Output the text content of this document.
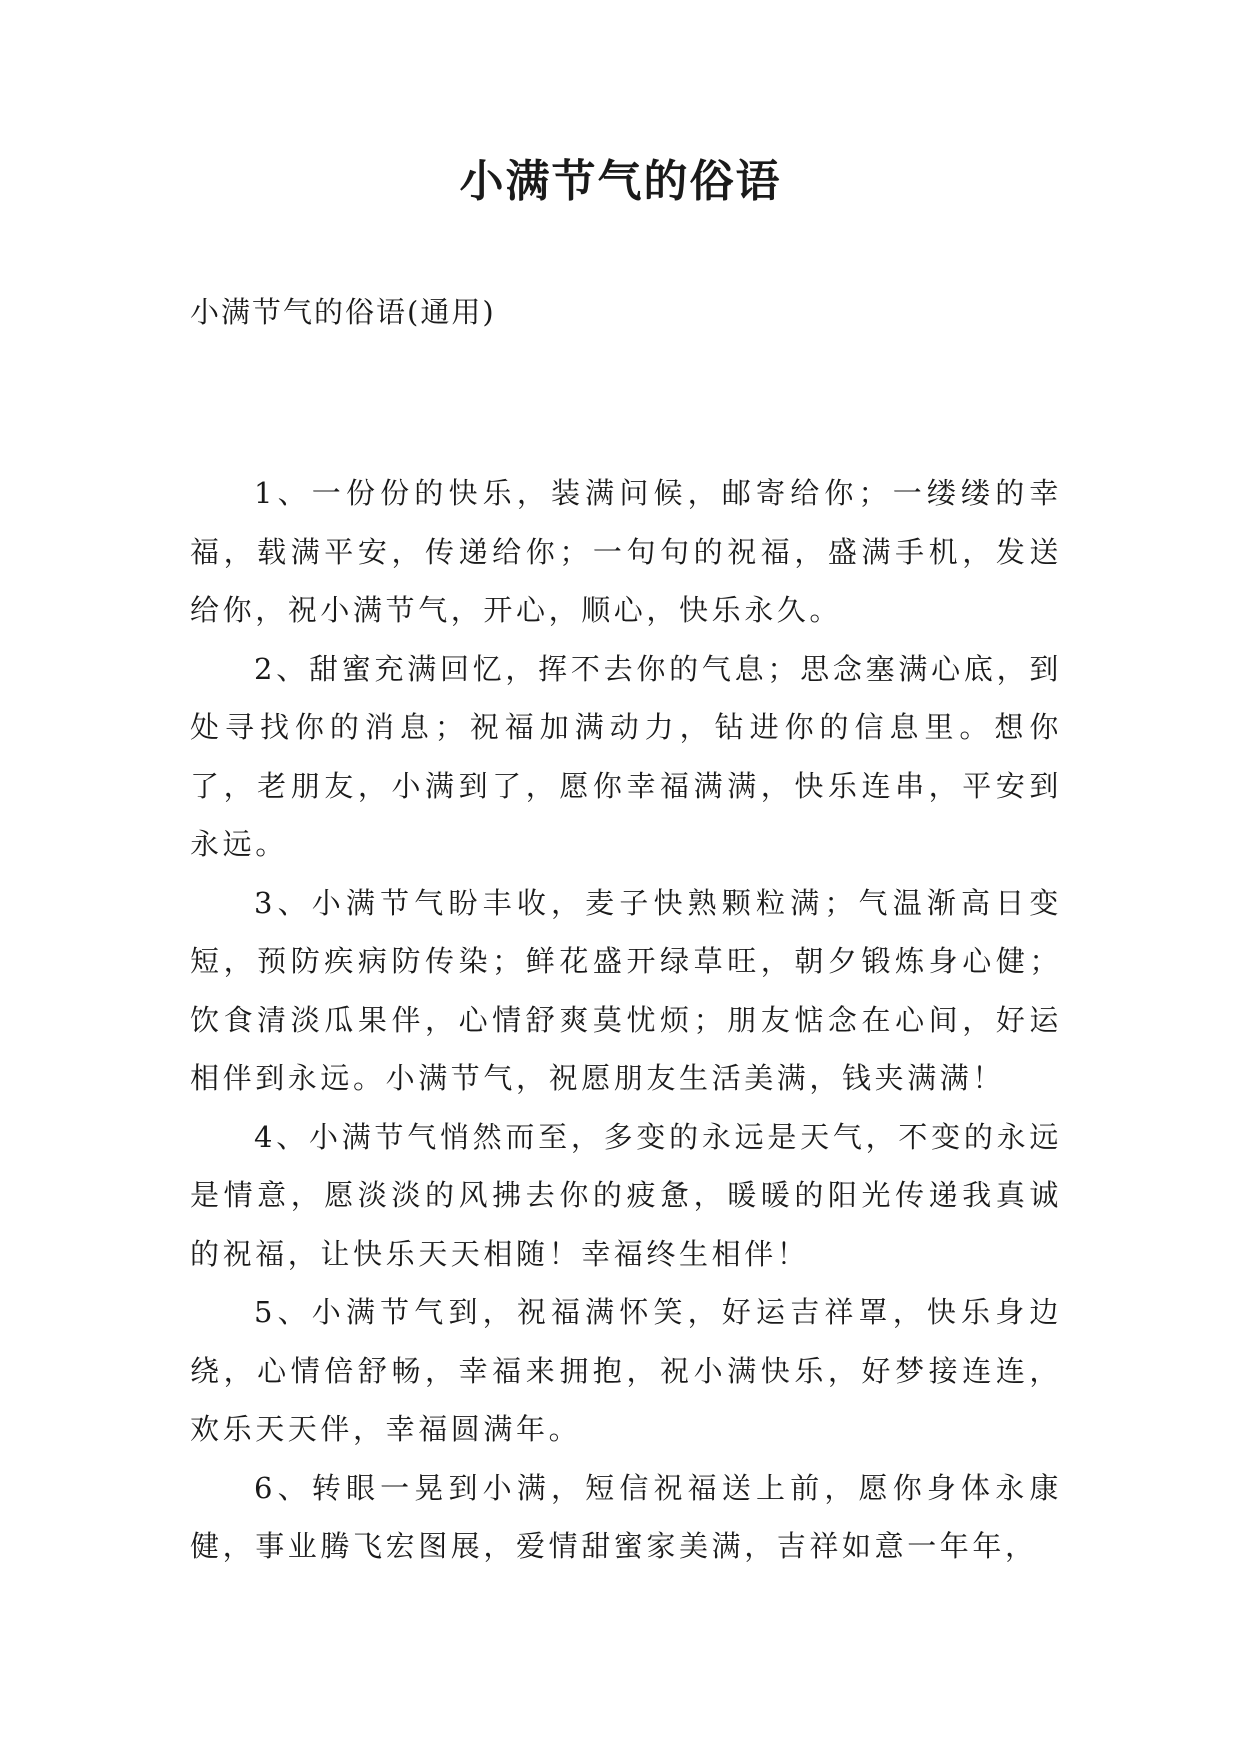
小满节气的俗语

小满节气的俗语(通用)

1、一份份的快乐，装满问候，邮寄给你；一缕缕的幸福，载满平安，传递给你；一句句的祝福，盛满手机，发送给你，祝小满节气，开心，顺心，快乐永久。

2、甜蜜充满回忆，挥不去你的气息；思念塞满心底，到处寻找你的消息；祝福加满动力，钻进你的信息里。想你了，老朋友，小满到了，愿你幸福满满，快乐连串，平安到永远。

3、小满节气盼丰收，麦子快熟颗粒满；气温渐高日变短，预防疾病防传染；鲜花盛开绿草旺，朝夕锻炼身心健；饮食清淡瓜果伴，心情舒爽莫忧烦；朋友惦念在心间，好运相伴到永远。小满节气，祝愿朋友生活美满，钱夹满满！

4、小满节气悄然而至，多变的永远是天气，不变的永远是情意，愿淡淡的风拂去你的疲惫，暖暖的阳光传递我真诚的祝福，让快乐天天相随！幸福终生相伴！

5、小满节气到，祝福满怀笑，好运吉祥罩，快乐身边绕，心情倍舒畅，幸福来拥抱，祝小满快乐，好梦接连连，欢乐天天伴，幸福圆满年。

6、转眼一晃到小满，短信祝福送上前，愿你身体永康健，事业腾飞宏图展，爱情甜蜜家美满，吉祥如意一年年，
